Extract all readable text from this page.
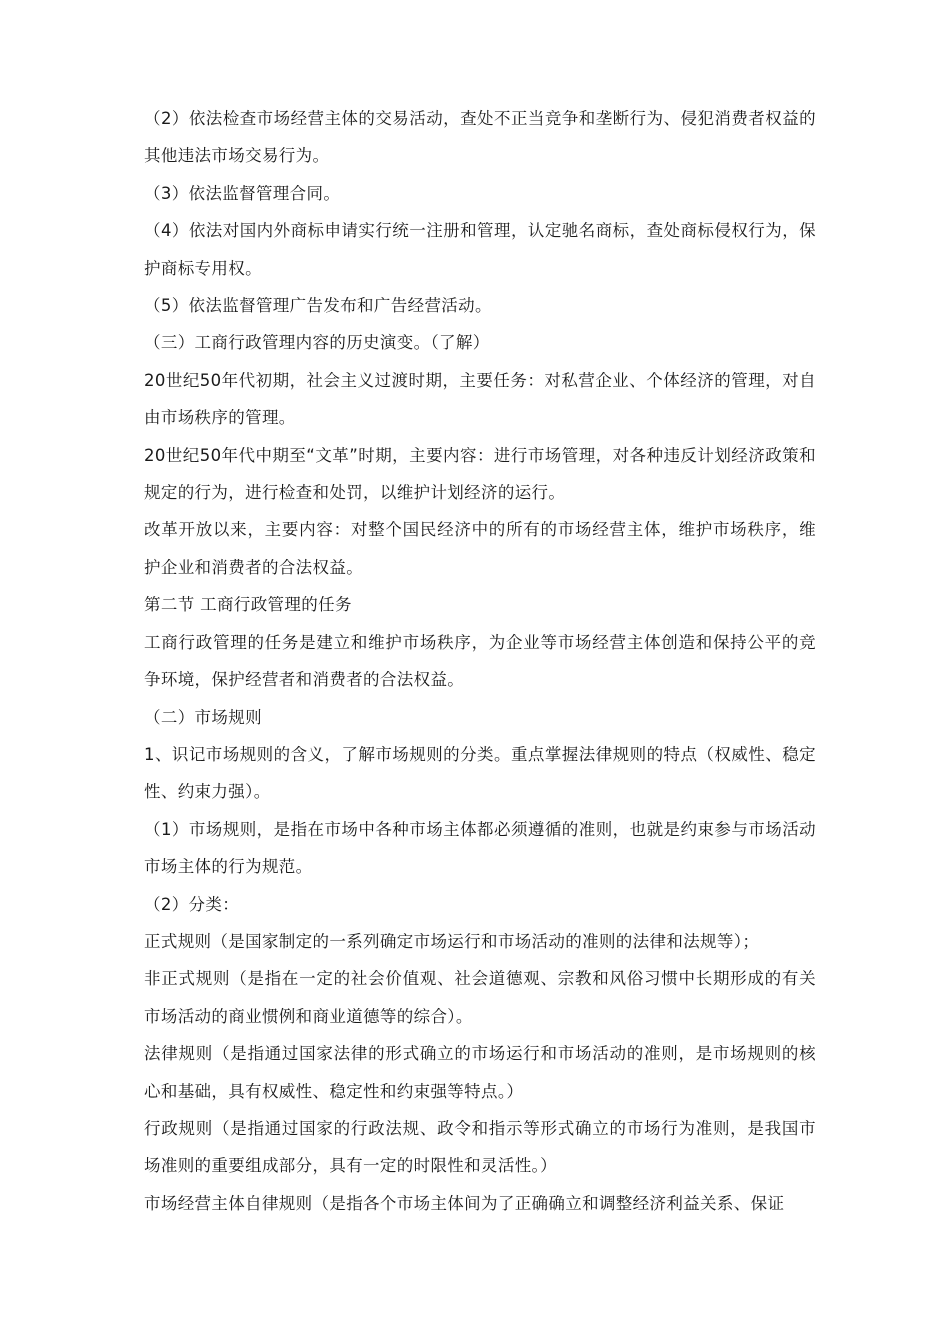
（2）依法检查市场经营主体的交易活动，查处不正当竞争和垄断行为、侵犯消费者权益的其他违法市场交易行为。

（3）依法监督管理合同。

（4）依法对国内外商标申请实行统一注册和管理，认定驰名商标，查处商标侵权行为，保护商标专用权。

（5）依法监督管理广告发布和广告经营活动。

（三）工商行政管理内容的历史演变。（了解）

20世纪50年代初期，社会主义过渡时期，主要任务：对私营企业、个体经济的管理，对自由市场秩序的管理。

20世纪50年代中期至“文革”时期，主要内容：进行市场管理，对各种违反计划经济政策和规定的行为，进行检查和处罚，以维护计划经济的运行。

改革开放以来，主要内容：对整个国民经济中的所有的市场经营主体，维护市场秩序，维护企业和消费者的合法权益。

第二节 工商行政管理的任务

工商行政管理的任务是建立和维护市场秩序，为企业等市场经营主体创造和保持公平的竞争环境，保护经营者和消费者的合法权益。

（二）市场规则

1、识记市场规则的含义，了解市场规则的分类。重点掌握法律规则的特点（权威性、稳定性、约束力强）。

（1）市场规则，是指在市场中各种市场主体都必须遵循的准则，也就是约束参与市场活动市场主体的行为规范。

（2）分类：

正式规则（是国家制定的一系列确定市场运行和市场活动的准则的法律和法规等）；

非正式规则（是指在一定的社会价值观、社会道德观、宗教和风俗习惯中长期形成的有关市场活动的商业惯例和商业道德等的综合）。

法律规则（是指通过国家法律的形式确立的市场运行和市场活动的准则，是市场规则的核心和基础，具有权威性、稳定性和约束强等特点。）

行政规则（是指通过国家的行政法规、政令和指示等形式确立的市场行为准则，是我国市场准则的重要组成部分，具有一定的时限性和灵活性。）

市场经营主体自律规则（是指各个市场主体间为了正确确立和调整经济利益关系、保证
